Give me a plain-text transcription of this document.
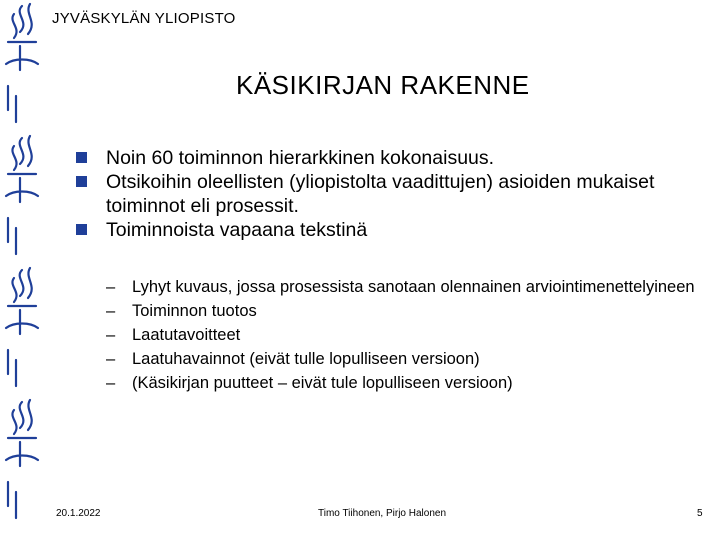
JYVÄSKYLÄN YLIOPISTO
KÄSIKIRJAN RAKENNE
Noin 60 toiminnon hierarkkinen kokonaisuus.
Otsikoihin oleellisten (yliopistolta vaadittujen) asioiden mukaiset toiminnot eli prosessit.
Toiminnoista vapaana tekstinä
– Lyhyt kuvaus, jossa prosessista sanotaan olennainen arviointimenettelyineen
– Toiminnon tuotos
– Laatutavoitteet
– Laatuhavainnot (eivät tulle lopulliseen versioon)
– (Käsikirjan puutteet – eivät tule lopulliseen versioon)
20.1.2022	Timo Tiihonen, Pirjo Halonen	5
